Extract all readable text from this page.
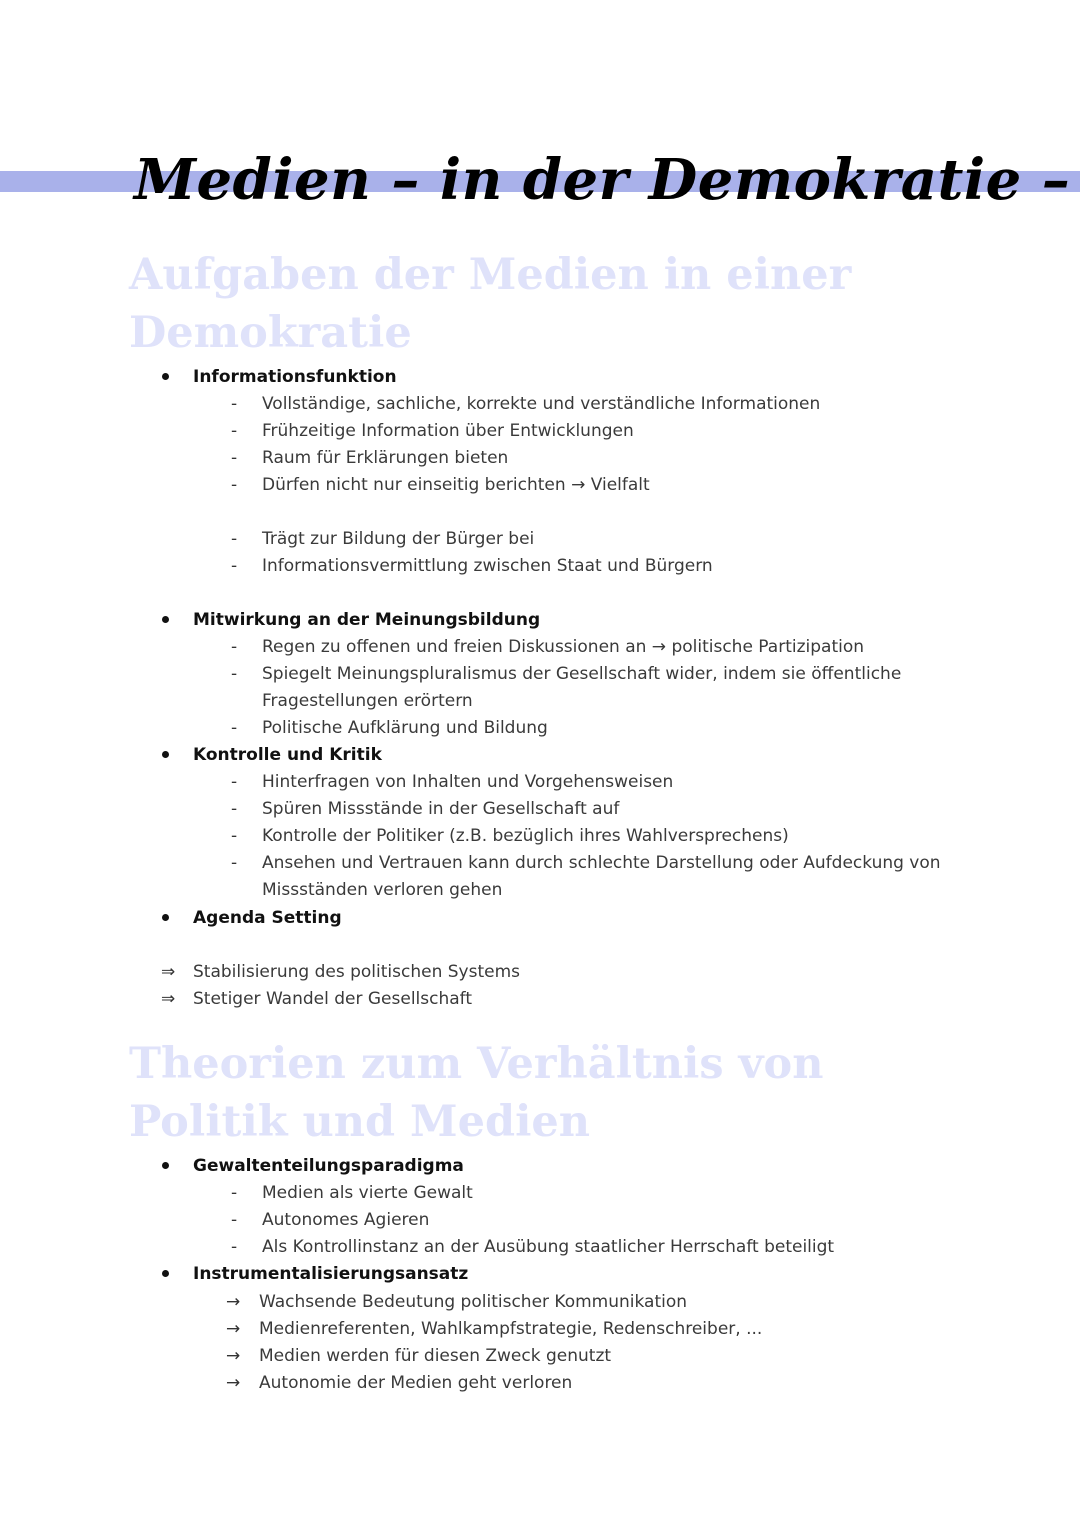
Medien – in der Demokratie –
Aufgaben der Medien in einer Demokratie
Informationsfunktion
- Vollständige, sachliche, korrekte und verständliche Informationen
- Frühzeitige Information über Entwicklungen
- Raum für Erklärungen bieten
- Dürfen nicht nur einseitig berichten → Vielfalt
- Trägt zur Bildung der Bürger bei
- Informationsvermittlung zwischen Staat und Bürgern
Mitwirkung an der Meinungsbildung
- Regen zu offenen und freien Diskussionen an → politische Partizipation
- Spiegelt Meinungspluralismus der Gesellschaft wider, indem sie öffentliche Fragestellungen erörtern
- Politische Aufklärung und Bildung
Kontrolle und Kritik
- Hinterfragen von Inhalten und Vorgehensweisen
- Spüren Missstände in der Gesellschaft auf
- Kontrolle der Politiker (z.B. bezüglich ihres Wahlversprechens)
- Ansehen und Vertrauen kann durch schlechte Darstellung oder Aufdeckung von Missständen verloren gehen
Agenda Setting
⇒ Stabilisierung des politischen Systems
⇒ Stetiger Wandel der Gesellschaft
Theorien zum Verhältnis von Politik und Medien
Gewaltenteilungsparadigma
- Medien als vierte Gewalt
- Autonomes Agieren
- Als Kontrollinstanz an der Ausübung staatlicher Herrschaft beteiligt
Instrumentalisierungsansatz
→ Wachsende Bedeutung politischer Kommunikation
→ Medienreferenten, Wahlkampfstrategie, Redenschreiber, ...
→ Medien werden für diesen Zweck genutzt
→ Autonomie der Medien geht verloren
